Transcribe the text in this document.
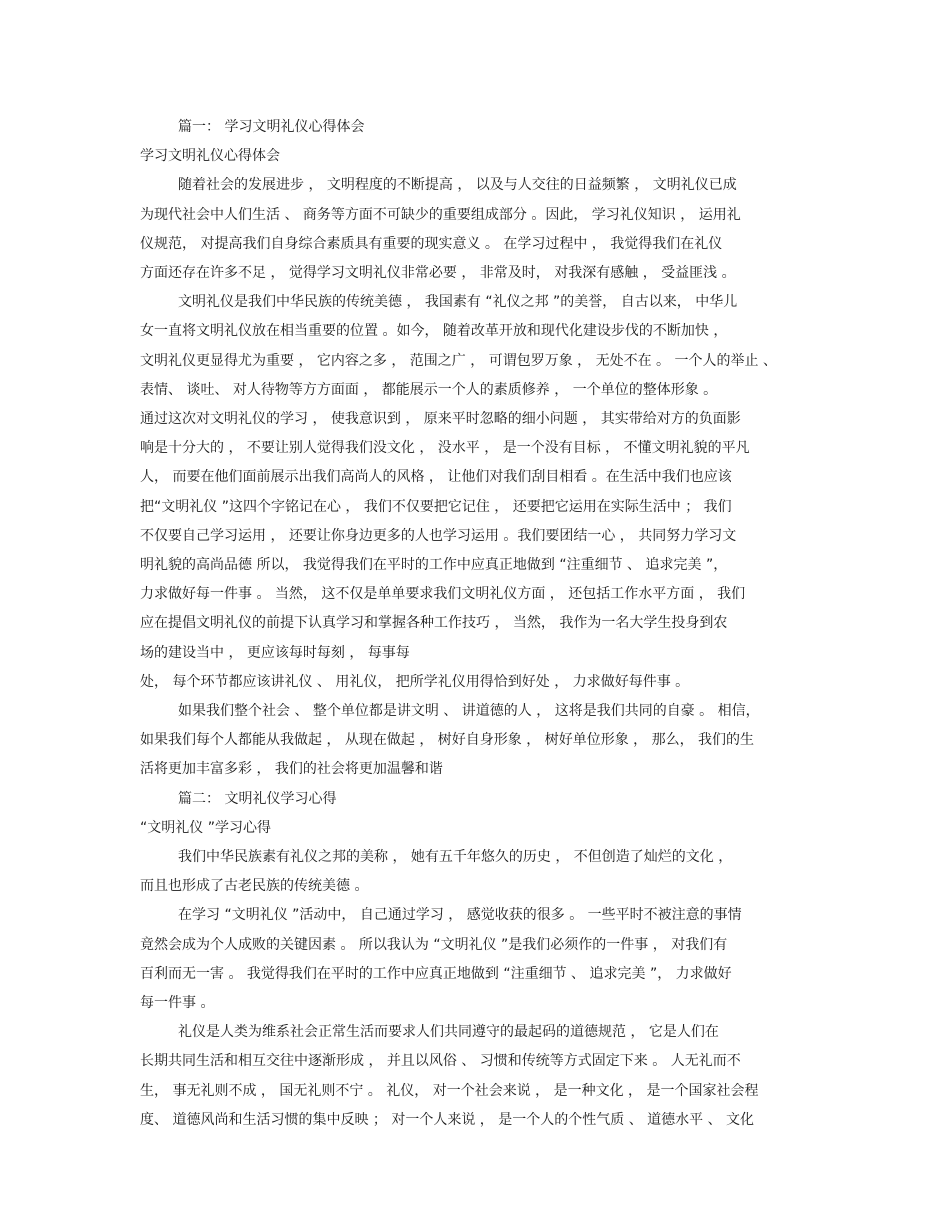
篇一： 学习文明礼仪心得体会
学习文明礼仪心得体会
随着社会的发展进步 ， 文明程度的不断提高 ， 以及与人交往的日益频繁 ， 文明礼仪已成
为现代社会中人们生活 、 商务等方面不可缺少的重要组成部分 。因此， 学习礼仪知识 ， 运用礼
仪规范， 对提高我们自身综合素质具有重要的现实意义 。 在学习过程中 ， 我觉得我们在礼仪
方面还存在许多不足 ， 觉得学习文明礼仪非常必要 ， 非常及时， 对我深有感触 ， 受益匪浅 。
文明礼仪是我们中华民族的传统美德 ， 我国素有 “礼仪之邦 ”的美誉， 自古以来， 中华儿
女一直将文明礼仪放在相当重要的位置 。如今， 随着改革开放和现代化建设步伐的不断加快 ，
文明礼仪更显得尤为重要 ， 它内容之多 ， 范围之广 ， 可谓包罗万象 ， 无处不在 。 一个人的举止 、
表情、 谈吐、 对人待物等方方面面 ， 都能展示一个人的素质修养 ， 一个单位的整体形象 。
通过这次对文明礼仪的学习 ， 使我意识到 ， 原来平时忽略的细小问题 ， 其实带给对方的负面影
响是十分大的 ， 不要让别人觉得我们没文化 ， 没水平 ， 是一个没有目标 ， 不懂文明礼貌的平凡
人， 而要在他们面前展示出我们高尚人的风格 ， 让他们对我们刮目相看 。在生活中我们也应该
把“文明礼仪 ”这四个字铭记在心 ， 我们不仅要把它记住 ， 还要把它运用在实际生活中 ； 我们
不仅要自己学习运用 ， 还要让你身边更多的人也学习运用 。我们要团结一心 ， 共同努力学习文
明礼貌的高尚品德 所以， 我觉得我们在平时的工作中应真正地做到 “注重细节 、 追求完美 ”，
力求做好每一件事 。 当然， 这不仅是单单要求我们文明礼仪方面 ， 还包括工作水平方面 ， 我们
应在提倡文明礼仪的前提下认真学习和掌握各种工作技巧 ， 当然， 我作为一名大学生投身到农
场的建设当中 ， 更应该每时每刻 ， 每事每
处， 每个环节都应该讲礼仪 、 用礼仪， 把所学礼仪用得恰到好处 ， 力求做好每件事 。
如果我们整个社会 、 整个单位都是讲文明 、 讲道德的人 ， 这将是我们共同的自豪 。 相信，
如果我们每个人都能从我做起 ， 从现在做起 ， 树好自身形象 ， 树好单位形象 ， 那么， 我们的生
活将更加丰富多彩 ， 我们的社会将更加温馨和谐
篇二： 文明礼仪学习心得
“文明礼仪 ”学习心得
我们中华民族素有礼仪之邦的美称 ， 她有五千年悠久的历史 ， 不但创造了灿烂的文化 ，
而且也形成了古老民族的传统美德 。
在学习 “文明礼仪 ”活动中， 自己通过学习 ， 感觉收获的很多 。 一些平时不被注意的事情
竟然会成为个人成败的关键因素 。 所以我认为 “文明礼仪 ”是我们必须作的一件事 ， 对我们有
百利而无一害 。 我觉得我们在平时的工作中应真正地做到 “注重细节 、 追求完美 ”， 力求做好
每一件事 。
礼仪是人类为维系社会正常生活而要求人们共同遵守的最起码的道德规范 ， 它是人们在
长期共同生活和相互交往中逐渐形成 ， 并且以风俗 、 习惯和传统等方式固定下来 。 人无礼而不
生， 事无礼则不成 ， 国无礼则不宁 。 礼仪， 对一个社会来说 ， 是一种文化 ， 是一个国家社会程
度、 道德风尚和生活习惯的集中反映 ； 对一个人来说 ， 是一个人的个性气质 、 道德水平 、 文化
